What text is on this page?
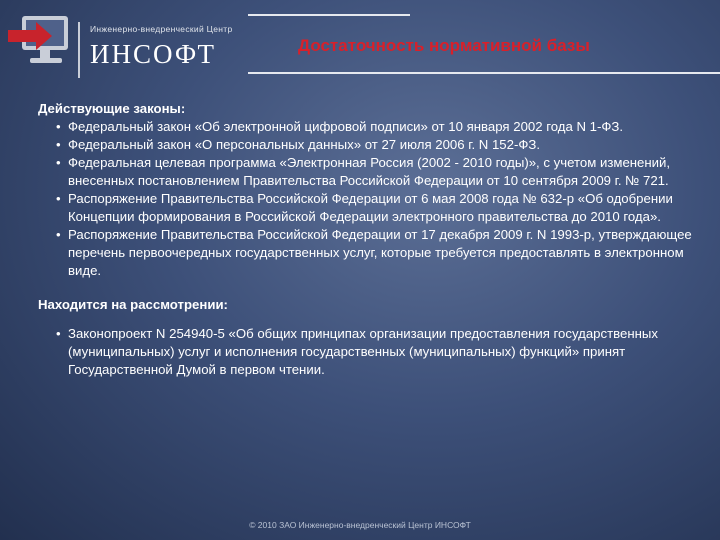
Инженерно-внедренческий Центр
ИНСОФТ	Достаточность нормативной базы
Действующие законы:
• Федеральный закон «Об электронной цифровой подписи» от 10 января 2002 года N 1-ФЗ.
• Федеральный закон «О персональных данных» от 27 июля 2006 г. N 152-ФЗ.
• Федеральная целевая программа «Электронная Россия (2002 - 2010 годы)», с учетом изменений, внесенных постановлением Правительства Российской Федерации от 10 сентября 2009 г. № 721.
• Распоряжение Правительства Российской Федерации от 6 мая 2008 года № 632-р «Об одобрении Концепции формирования в Российской Федерации электронного правительства до 2010 года».
• Распоряжение Правительства Российской Федерации от 17 декабря 2009 г. N 1993-р, утверждающее перечень первоочередных государственных услуг, которые требуется предоставлять в электронном виде.
Находится на рассмотрении:
• Законопроект N 254940-5 «Об общих принципах организации предоставления государственных (муниципальных) услуг и исполнения государственных (муниципальных) функций» принят Государственной Думой в первом чтении.
© 2010 ЗАО Инженерно-внедренческий Центр ИНСОФТ
